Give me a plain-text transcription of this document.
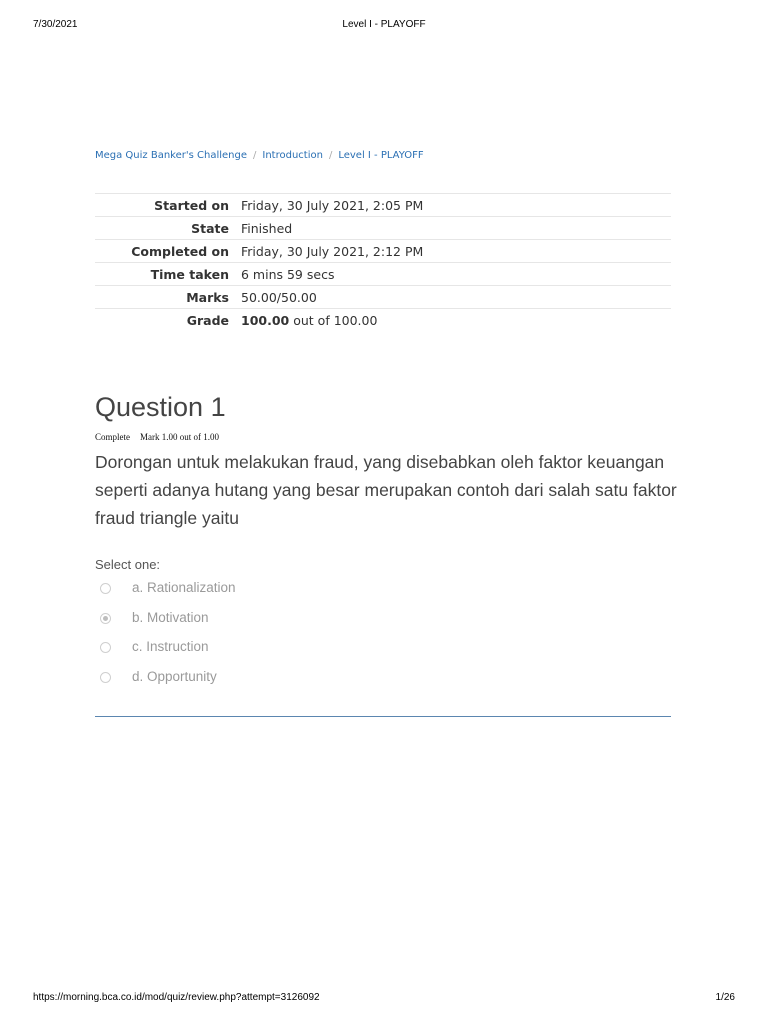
7/30/2021	Level I - PLAYOFF
Mega Quiz Banker's Challenge / Introduction / Level I - PLAYOFF
Started on	Friday, 30 July 2021, 2:05 PM
State	Finished
Completed on	Friday, 30 July 2021, 2:12 PM
Time taken	6 mins 59 secs
Marks	50.00/50.00
Grade	100.00 out of 100.00
Question 1
Complete Mark 1.00 out of 1.00
Dorongan untuk melakukan fraud, yang disebabkan oleh faktor keuangan seperti adanya hutang yang besar merupakan contoh dari salah satu faktor fraud triangle yaitu
Select one:
a. Rationalization
b. Motivation
c. Instruction
d. Opportunity
https://morning.bca.co.id/mod/quiz/review.php?attempt=3126092	1/26
